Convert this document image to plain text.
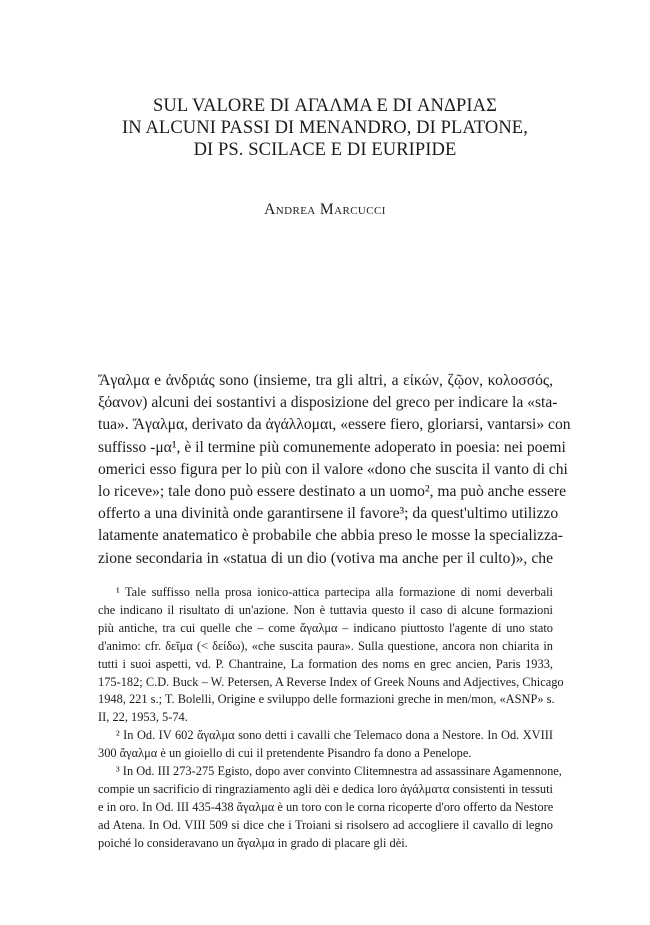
SUL VALORE DI ΑΓΑΛΜΑ E DI ΑΝΔΡΙΑΣ
IN ALCUNI PASSI DI MENANDRO, DI PLATONE,
DI PS. SCILACE E DI EURIPIDE
Andrea Marcucci
Ἄγαλμα e ἀνδριάς sono (insieme, tra gli altri, a εἰκών, ζῷον, κολοσσός,
ξόανον) alcuni dei sostantivi a disposizione del greco per indicare la «sta-
tua». Ἄγαλμα, derivato da ἀγάλλομαι, «essere fiero, gloriarsi, vantarsi» con
suffisso -μα¹, è il termine più comunemente adoperato in poesia: nei poemi
omerici esso figura per lo più con il valore «dono che suscita il vanto di chi
lo riceve»; tale dono può essere destinato a un uomo², ma può anche essere
offerto a una divinità onde garantirsene il favore³; da quest'ultimo utilizzo
latamente anatematico è probabile che abbia preso le mosse la specializza-
zione secondaria in «statua di un dio (votiva ma anche per il culto)», che
¹ Tale suffisso nella prosa ionico-attica partecipa alla formazione di nomi deverbali
che indicano il risultato di un'azione. Non è tuttavia questo il caso di alcune formazioni
più antiche, tra cui quelle che – come ἄγαλμα – indicano piuttosto l'agente di uno stato
d'animo: cfr. δεῖμα (< δείδω), «che suscita paura». Sulla questione, ancora non chiarita in
tutti i suoi aspetti, vd. P. Chantraine, La formation des noms en grec ancien, Paris 1933,
175-182; C.D. Buck – W. Petersen, A Reverse Index of Greek Nouns and Adjectives, Chicago
1948, 221 s.; T. Bolelli, Origine e sviluppo delle formazioni greche in men/mon, «ASNP» s.
II, 22, 1953, 5-74.
² In Od. IV 602 ἄγαλμα sono detti i cavalli che Telemaco dona a Nestore. In Od. XVIII
300 ἄγαλμα è un gioiello di cui il pretendente Pisandro fa dono a Penelope.
³ In Od. III 273-275 Egisto, dopo aver convinto Clitemnestra ad assassinare Agamennone,
compie un sacrificio di ringraziamento agli dèi e dedica loro ἀγάλματα consistenti in tessuti
e in oro. In Od. III 435-438 ἄγαλμα è un toro con le corna ricoperte d'oro offerto da Nestore
ad Atena. In Od. VIII 509 si dice che i Troiani si risolsero ad accogliere il cavallo di legno
poiché lo consideravano un ἄγαλμα in grado di placare gli dèi.
